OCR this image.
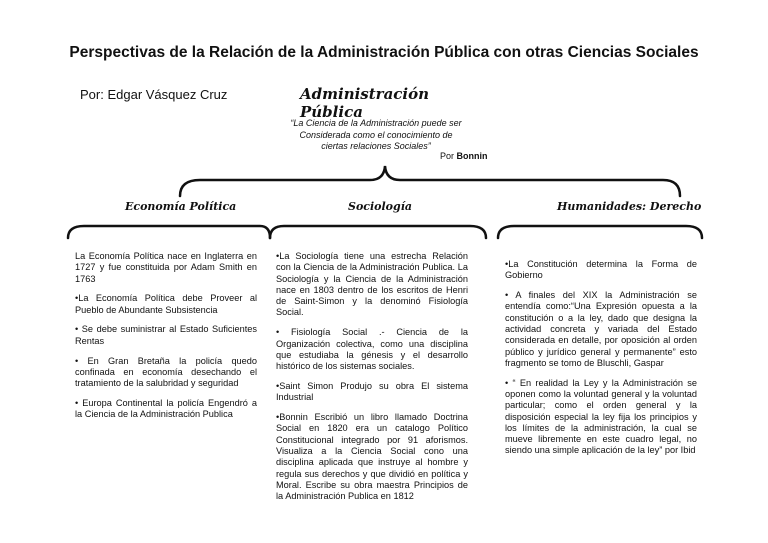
Perspectivas de la Relación de la Administración Pública con otras Ciencias Sociales
Por: Edgar Vásquez Cruz	Administración Pública
“La Ciencia de la Administración puede ser Considerada como el conocimiento de ciertas relaciones Sociales”
Por Bonnin
Economía Política	Sociología	Humanidades: Derecho

La Economía Política nace en Inglaterra en 1727 y fue constituida por Adam Smith en 1763

•La Economía Política debe Proveer al Pueblo de Abundante Subsistencia

• Se debe suministrar al Estado Suficientes Rentas

• En Gran Bretaña la policía quedo confinada en economía desechando el tratamiento de la salubridad y seguridad

• Europa Continental la policía Engendró a la Ciencia de la Administración Publica

•La Sociología tiene una estrecha Relación con la Ciencia de la Administración Publica. La Sociología y la Ciencia de la Administración nace en 1803 dentro de los escritos de Henri de Saint-Simon y la denominó Fisiología Social.

• Fisiología Social .- Ciencia de la Organización colectiva, como una disciplina que estudiaba la génesis y el desarrollo histórico de los sistemas sociales.

•Saint Simon Produjo su obra El sistema Industrial

•Bonnin Escribió un libro llamado Doctrina Social en 1820 era un catalogo Político Constitucional integrado por 91 aforismos. Visualiza a la Ciencia Social cono una disciplina aplicada que instruye al hombre y regula sus derechos y que dividió en política y Moral. Escribe su obra maestra Principios de la Administración Publica en 1812

•La Constitución determina la Forma de Gobierno

• A finales del XIX la Administración se entendía como:“Una Expresión opuesta a la constitución o a la ley, dado que designa la actividad concreta y variada del Estado considerada en detalle, por oposición al orden público y jurídico general y permanente” esto fragmento se tomo de Bluschli, Gaspar

• “ En realidad la Ley y la Administración se oponen como la voluntad general y la voluntad particular; como el orden general y la disposición especial la ley fija los principios y los límites de la administración, la cual se mueve libremente en este cuadro legal, no siendo una simple aplicación de la ley” por Ibid
